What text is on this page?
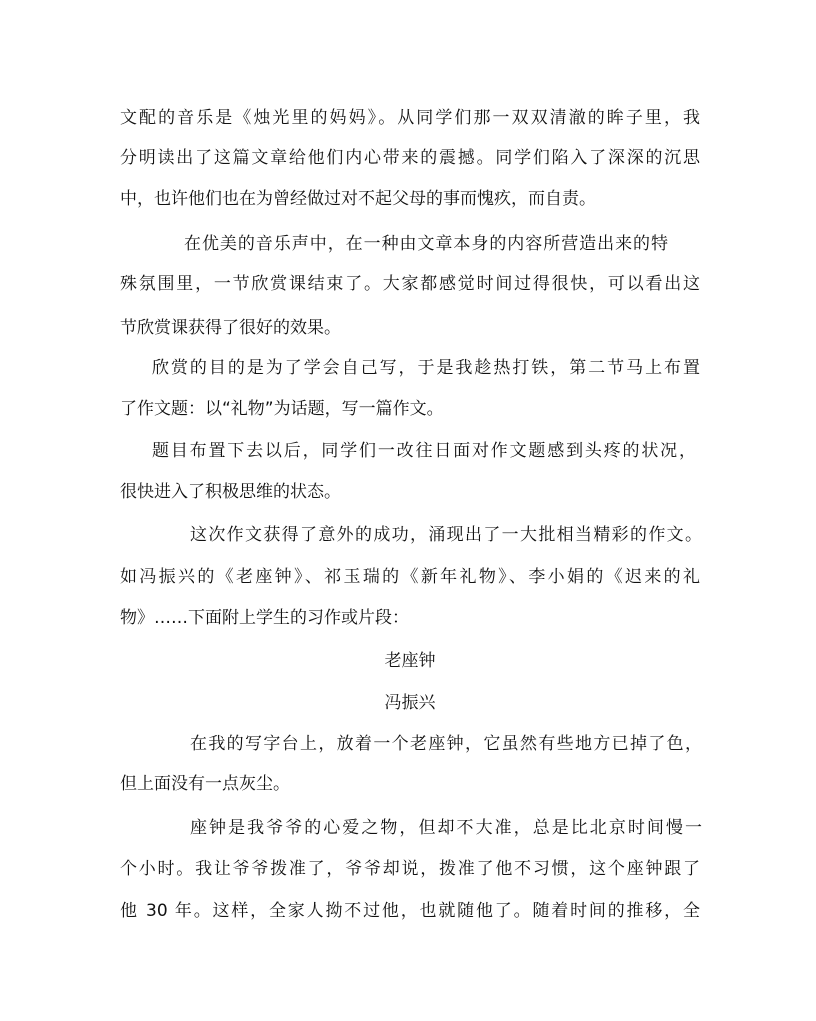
文配的音乐是《烛光里的妈妈》。从同学们那一双双清澈的眸子里，我
分明读出了这篇文章给他们内心带来的震撼。同学们陷入了深深的沉思
中，也许他们也在为曾经做过对不起父母的事而愧疚，而自责。
在优美的音乐声中，在一种由文章本身的内容所营造出来的特
殊氛围里，一节欣赏课结束了。大家都感觉时间过得很快，可以看出这
节欣赏课获得了很好的效果。
欣赏的目的是为了学会自己写，于是我趁热打铁，第二节马上布置
了作文题：以“礼物”为话题，写一篇作文。
题目布置下去以后，同学们一改往日面对作文题感到头疼的状况，
很快进入了积极思维的状态。
这次作文获得了意外的成功，涌现出了一大批相当精彩的作文。
如冯振兴的《老座钟》、祁玉瑞的《新年礼物》、李小娟的《迟来的礼
物》……下面附上学生的习作或片段：
老座钟
冯振兴
在我的写字台上，放着一个老座钟，它虽然有些地方已掉了色，
但上面没有一点灰尘。
座钟是我爷爷的心爱之物，但却不大准，总是比北京时间慢一
个小时。我让爷爷拨准了，爷爷却说，拨准了他不习惯，这个座钟跟了
他 30 年。这样，全家人拗不过他，也就随他了。随着时间的推移，全
